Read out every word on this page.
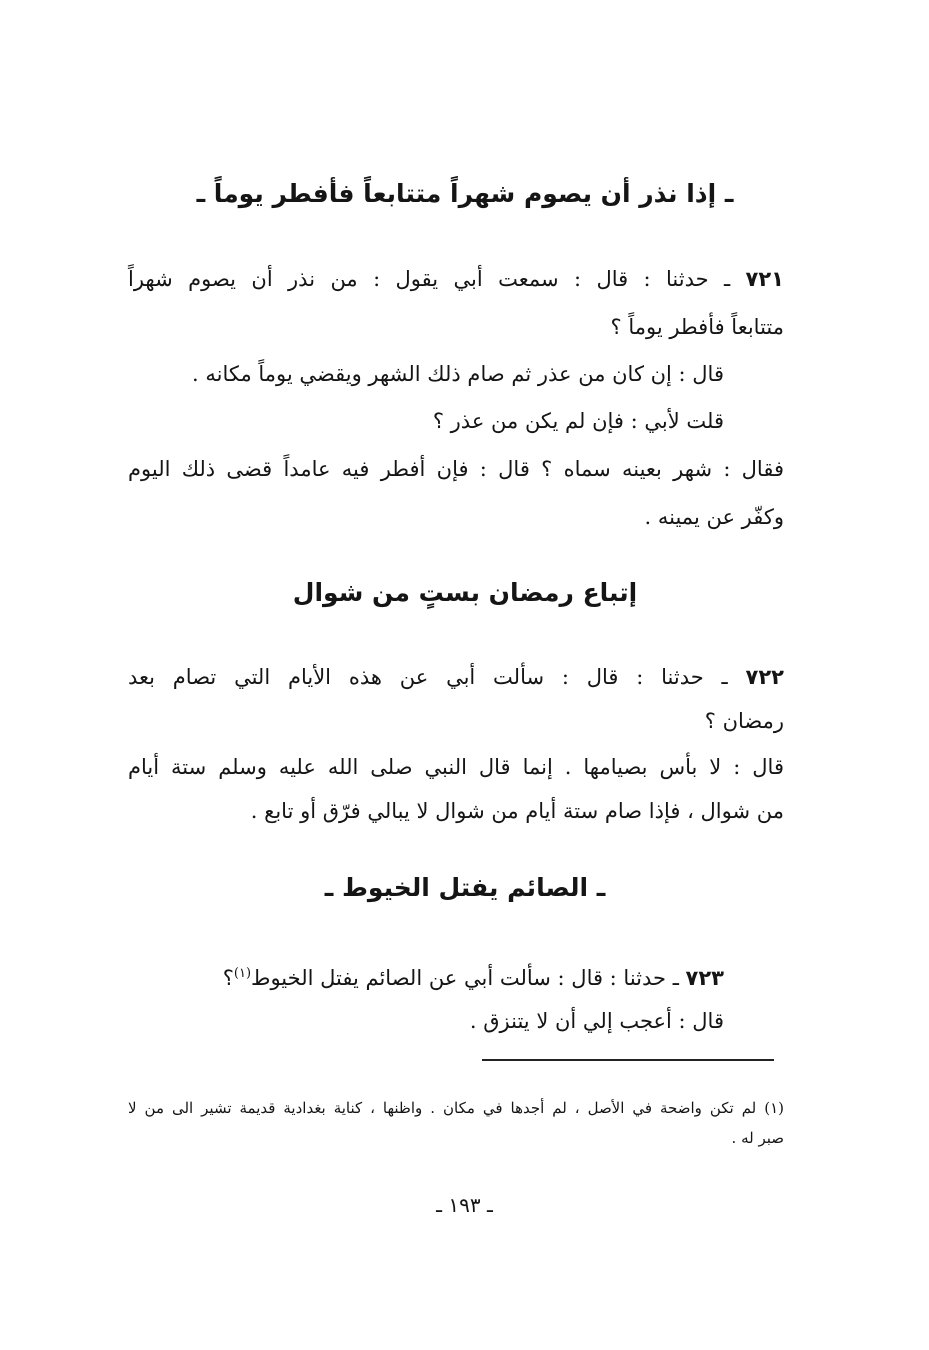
ـ إذا نذر أن يصوم شهراً متتابعاً فأفطر يوماً ـ
٧٢١ ـ حدثنا : قال : سمعت أبي يقول : من نذر أن يصوم شهراً
متتابعاً فأفطر يوماً ؟
قال : إن كان من عذر ثم صام ذلك الشهر ويقضي يوماً مكانه .
قلت لأبي : فإن لم يكن من عذر ؟
فقال : شهر بعينه سماه ؟ قال : فإن أفطر فيه عامداً قضى ذلك اليوم
وكفّر عن يمينه .
إتباع رمضان بستٍ من شوال
٧٢٢ ـ حدثنا : قال : سألت أبي عن هذه الأيام التي تصام بعد
رمضان ؟
قال : لا بأس بصيامها . إنما قال النبي صلى الله عليه وسلم ستة أيام
من شوال ، فإذا صام ستة أيام من شوال لا يبالي فرّق أو تابع .
ـ الصائم يفتل الخيوط ـ
٧٢٣ ـ حدثنا : قال : سألت أبي عن الصائم يفتل الخيوط$^{(١)}$؟
قال : أعجب إلي أن لا يتنزق .
(١) لم تكن واضحة في الأصل ، لم أجدها في مكان . واظنها ، كناية بغدادية قديمة تشير الى من لا
صبر له .
ـ ١٩٣ ـ
